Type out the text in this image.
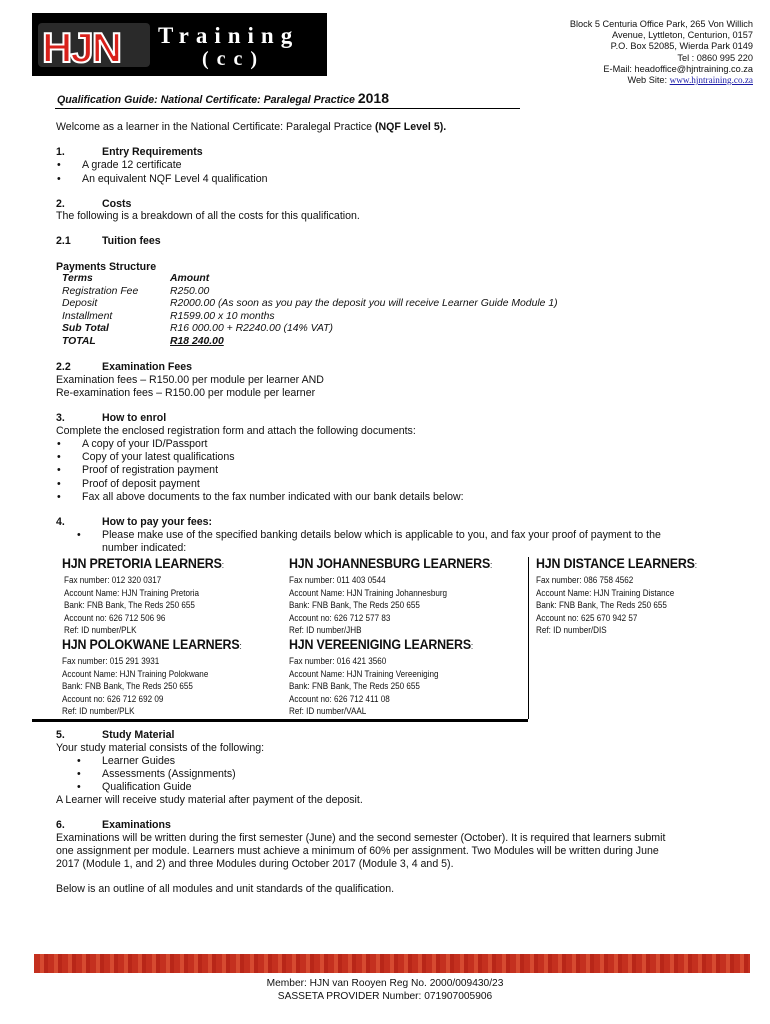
HJN Training
(cc)
Block 5 Centuria Office Park, 265 Von Willich
Avenue, Lyttleton, Centurion, 0157
P.O. Box 52085, Wierda Park 0149
Tel : 0860 995 220
E-Mail: headoffice@hjntraining.co.za
Web Site: www.hjntraining.co.za
Qualification Guide: National Certificate: Paralegal Practice 2018
Welcome as a learner in the National Certificate: Paralegal Practice (NQF Level 5).
1.	Entry Requirements
• A grade 12 certificate
• An equivalent NQF Level 4 qualification
2.	Costs
The following is a breakdown of all the costs for this qualification.
2.1	Tuition fees
Payments Structure
Terms	Amount
Registration Fee	R250.00
Deposit	R2000.00 (As soon as you pay the deposit you will receive Learner Guide Module 1)
Installment	R1599.00 x 10 months
Sub Total	R16 000.00 + R2240.00 (14% VAT)
TOTAL	R18 240.00
2.2	Examination Fees
Examination fees – R150.00 per module per learner AND
Re-examination fees – R150.00 per module per learner
3.	How to enrol
Complete the enclosed registration form and attach the following documents:
• A copy of your ID/Passport
• Copy of your latest qualifications
• Proof of registration payment
• Proof of deposit payment
• Fax all above documents to the fax number indicated with our bank details below:
4.	How to pay your fees:
• Please make use of the specified banking details below which is applicable to you, and fax your proof of payment to the
number indicated:
HJN PRETORIA LEARNERS:
Fax number: 012 320 0317
Account Name: HJN Training Pretoria
Bank: FNB Bank, The Reds 250 655
Account no: 626 712 506 96
Ref: ID number/PLK
HJN JOHANNESBURG LEARNERS:
Fax number: 011 403 0544
Account Name: HJN Training Johannesburg
Bank: FNB Bank, The Reds 250 655
Account no: 626 712 577 83
Ref: ID number/JHB
HJN DISTANCE LEARNERS:
Fax number: 086 758 4562
Account Name: HJN Training Distance
Bank: FNB Bank, The Reds 250 655
Account no: 625 670 942 57
Ref: ID number/DIS
HJN POLOKWANE LEARNERS:
Fax number: 015 291 3931
Account Name: HJN Training Polokwane
Bank: FNB Bank, The Reds 250 655
Account no: 626 712 692 09
Ref: ID number/PLK
HJN VEREENIGING LEARNERS:
Fax number: 016 421 3560
Account Name: HJN Training Vereeniging
Bank: FNB Bank, The Reds 250 655
Account no: 626 712 411 08
Ref: ID number/VAAL
5.	Study Material
Your study material consists of the following:
• Learner Guides
• Assessments (Assignments)
• Qualification Guide
A Learner will receive study material after payment of the deposit.
6.	Examinations
Examinations will be written during the first semester (June) and the second semester (October). It is required that learners submit
one assignment per module. Learners must achieve a minimum of 60% per assignment. Two Modules will be written during June
2017 (Module 1, and 2) and three Modules during October 2017 (Module 3, 4 and 5).
Below is an outline of all modules and unit standards of the qualification.
Member: HJN van Rooyen Reg No. 2000/009430/23
SASSETA PROVIDER Number: 071907005906
